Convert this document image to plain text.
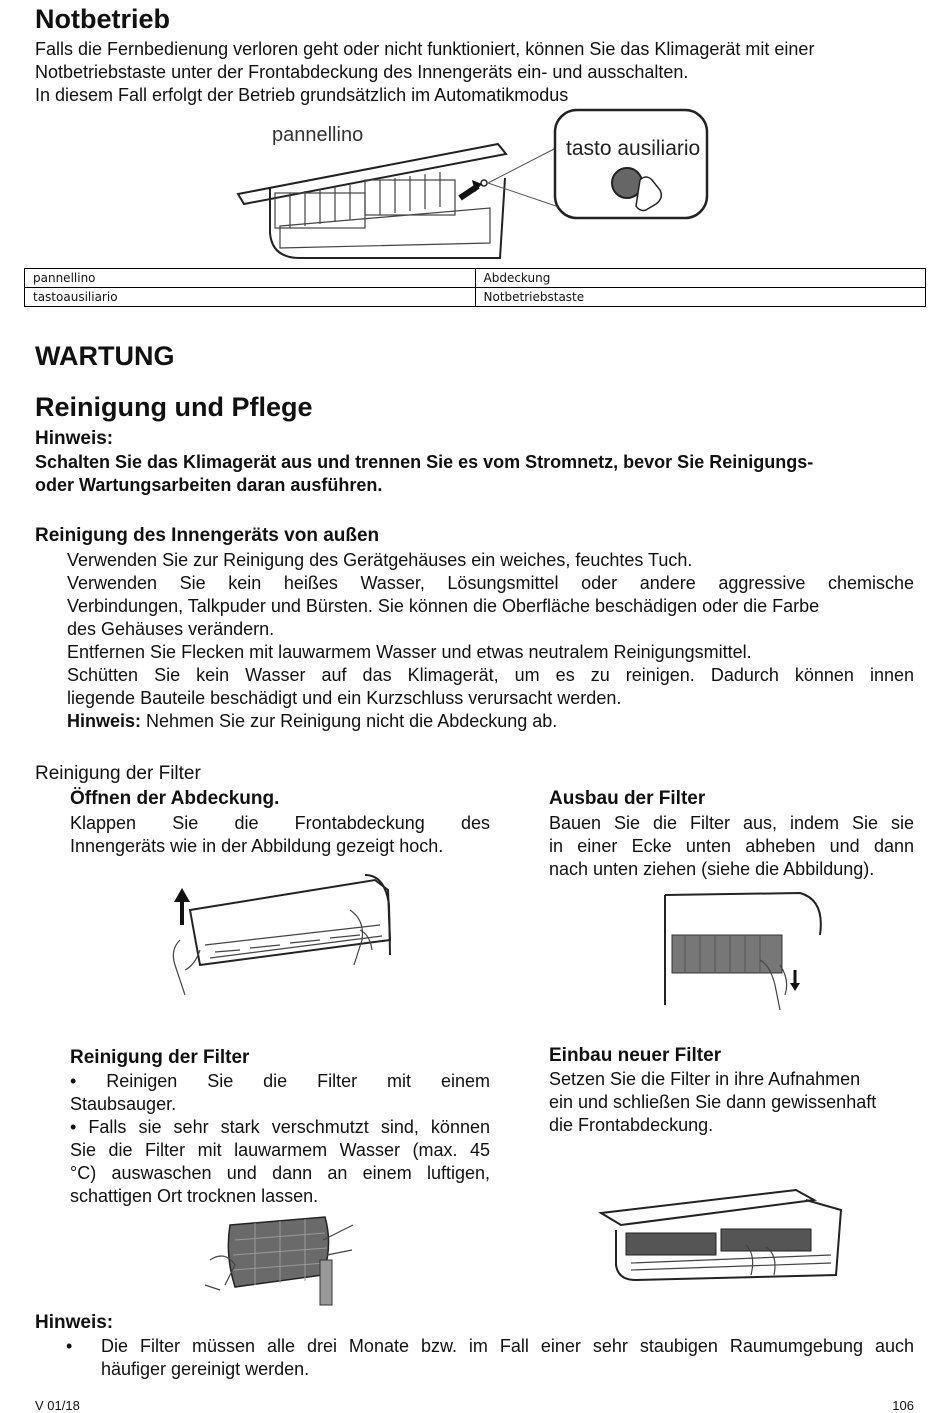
Notbetrieb
Falls die Fernbedienung verloren geht oder nicht funktioniert, können Sie das Klimagerät mit einer
Notbetriebstaste unter der Frontabdeckung des Innengeräts ein- und ausschalten.
In diesem Fall erfolgt der Betrieb grundsätzlich im Automatikmodus
pannellino
tasto ausiliario
pannellino	Abdeckung
tastoausiliario	Notbetriebstaste
WARTUNG
Reinigung und Pflege
Hinweis:
Schalten Sie das Klimagerät aus und trennen Sie es vom Stromnetz, bevor Sie Reinigungs-
oder Wartungsarbeiten daran ausführen.
Reinigung des Innengeräts von außen
Verwenden Sie zur Reinigung des Gerätgehäuses ein weiches, feuchtes Tuch.
Verwenden Sie kein heißes Wasser, Lösungsmittel oder andere aggressive chemische
Verbindungen, Talkpuder und Bürsten. Sie können die Oberfläche beschädigen oder die Farbe
des Gehäuses verändern.
Entfernen Sie Flecken mit lauwarmem Wasser und etwas neutralem Reinigungsmittel.
Schütten Sie kein Wasser auf das Klimagerät, um es zu reinigen. Dadurch können innen
liegende Bauteile beschädigt und ein Kurzschluss verursacht werden.
Hinweis: Nehmen Sie zur Reinigung nicht die Abdeckung ab.
Reinigung der Filter
Öffnen der Abdeckung.
Klappen Sie die Frontabdeckung des
Innengeräts wie in der Abbildung gezeigt hoch.
Ausbau der Filter
Bauen Sie die Filter aus, indem Sie sie
in einer Ecke unten abheben und dann
nach unten ziehen (siehe die Abbildung).
Reinigung der Filter
• Reinigen Sie die Filter mit einem
Staubsauger.
• Falls sie sehr stark verschmutzt sind, können
Sie die Filter mit lauwarmem Wasser (max. 45
°C) auswaschen und dann an einem luftigen,
schattigen Ort trocknen lassen.
Einbau neuer Filter
Setzen Sie die Filter in ihre Aufnahmen
ein und schließen Sie dann gewissenhaft
die Frontabdeckung.
Hinweis:
• Die Filter müssen alle drei Monate bzw. im Fall einer sehr staubigen Raumumgebung auch
häufiger gereinigt werden.
V 01/18	106
